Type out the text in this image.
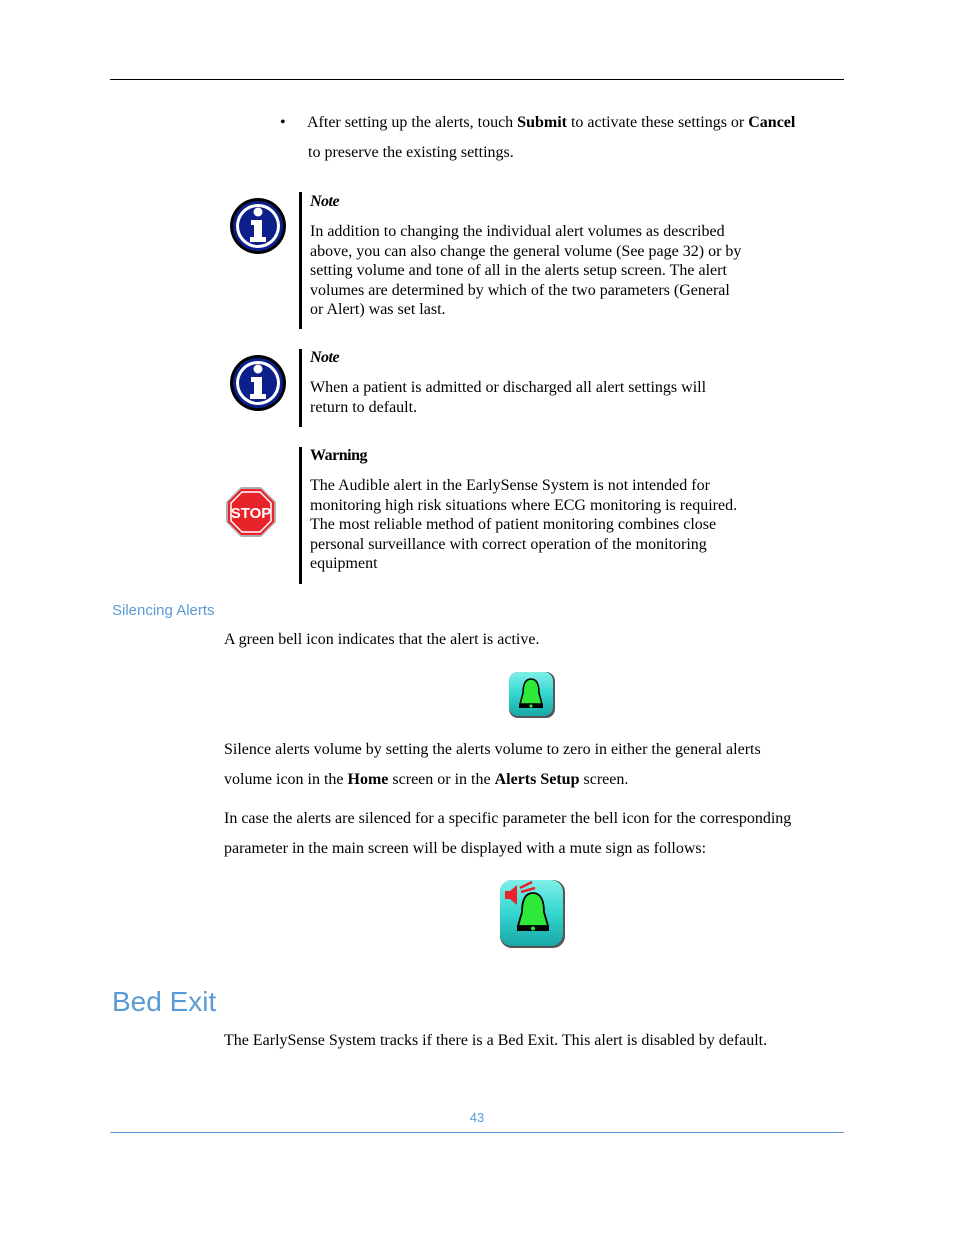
• After setting up the alerts, touch Submit to activate these settings or Cancel
to preserve the existing settings.
Note
In addition to changing the individual alert volumes as described
above, you can also change the general volume (See page 32) or by
setting volume and tone of all in the alerts setup screen. The alert
volumes are determined by which of the two parameters (General
or Alert) was set last.
Note
When a patient is admitted or discharged all alert settings will
return to default.
STOP
Warning
The Audible alert in the EarlySense System is not intended for
monitoring high risk situations where ECG monitoring is required.
The most reliable method of patient monitoring combines close
personal surveillance with correct operation of the monitoring
equipment
Silencing Alerts
A green bell icon indicates that the alert is active.
Silence alerts volume by setting the alerts volume to zero in either the general alerts
volume icon in the Home screen or in the Alerts Setup screen.
In case the alerts are silenced for a specific parameter the bell icon for the corresponding
parameter in the main screen will be displayed with a mute sign as follows:
Bed Exit
The EarlySense System tracks if there is a Bed Exit. This alert is disabled by default.
43
